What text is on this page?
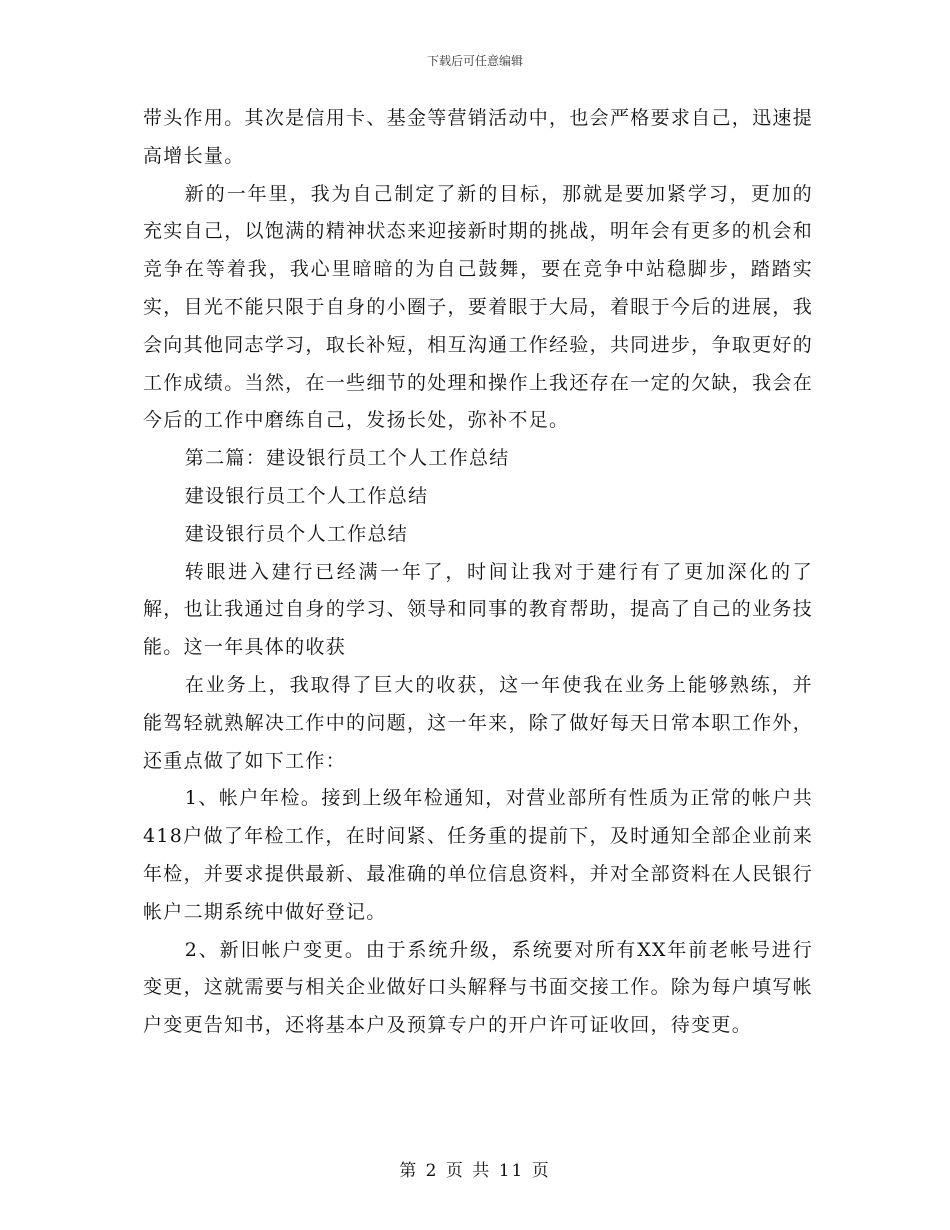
下载后可任意编辑

带头作用。其次是信用卡、基金等营销活动中，也会严格要求自己，迅速提高增长量。

新的一年里，我为自己制定了新的目标，那就是要加紧学习，更加的充实自己，以饱满的精神状态来迎接新时期的挑战，明年会有更多的机会和竞争在等着我，我心里暗暗的为自己鼓舞，要在竞争中站稳脚步，踏踏实实，目光不能只限于自身的小圈子，要着眼于大局，着眼于今后的进展，我会向其他同志学习，取长补短，相互沟通工作经验，共同进步，争取更好的工作成绩。当然，在一些细节的处理和操作上我还存在一定的欠缺，我会在今后的工作中磨练自己，发扬长处，弥补不足。

第二篇：建设银行员工个人工作总结

建设银行员工个人工作总结

建设银行员个人工作总结

转眼进入建行已经满一年了，时间让我对于建行有了更加深化的了解，也让我通过自身的学习、领导和同事的教育帮助，提高了自己的业务技能。这一年具体的收获

在业务上，我取得了巨大的收获，这一年使我在业务上能够熟练，并能驾轻就熟解决工作中的问题，这一年来，除了做好每天日常本职工作外，还重点做了如下工作：

1、帐户年检。接到上级年检通知，对营业部所有性质为正常的帐户共418户做了年检工作，在时间紧、任务重的提前下，及时通知全部企业前来年检，并要求提供最新、最准确的单位信息资料，并对全部资料在人民银行帐户二期系统中做好登记。

2、新旧帐户变更。由于系统升级，系统要对所有XX年前老帐号进行变更，这就需要与相关企业做好口头解释与书面交接工作。除为每户填写帐户变更告知书，还将基本户及预算专户的开户许可证收回，待变更。

第 2 页 共 11 页
